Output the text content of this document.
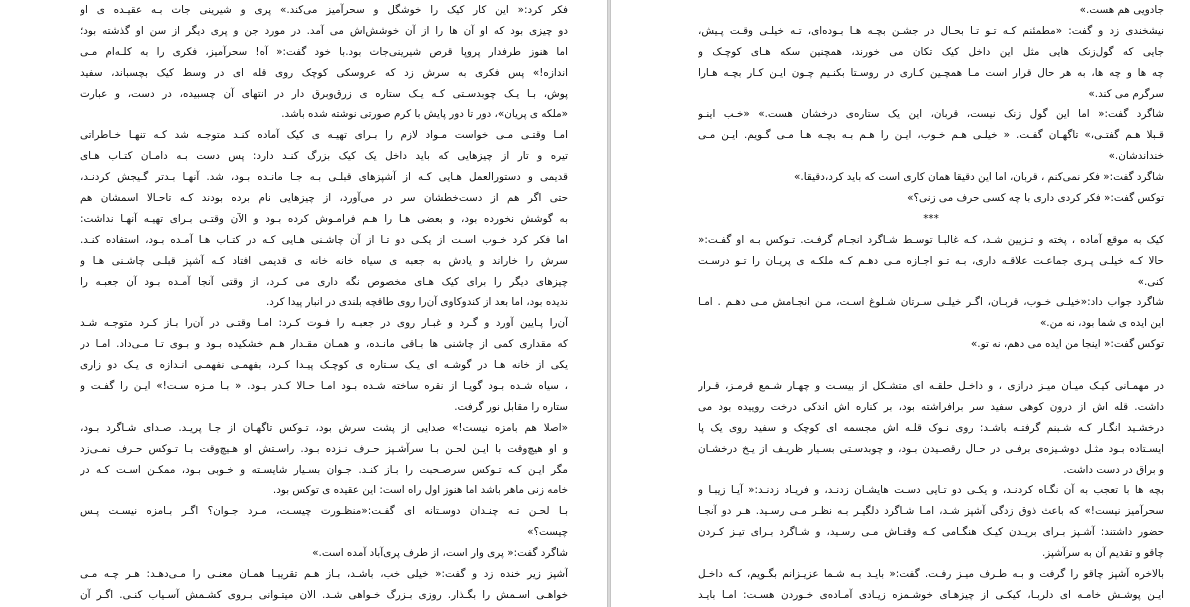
فکر کرد:« این کار کیک را خوشگل و سحرآمیز می‌کند.» پری و شیرینی جات بـه عقیـده ی او
دو چیزی بود که او آن ها را از آن خوشش‌اش می آمد. در مورد جن و پری دیگر از سن او گذشته بود؛
اما هنوز طرفدار پروپا قرص شیرینی‌جات بود.با خود گفت:« آه! سحرآمیز، فکری را به کلـه‌ام مـی
اندازه!» پس فکری به سرش زد که عروسکی کوچک روی قله ای در وسط کیک بچسباند، سفید
پوش، بـا یـک چوبدسـتی کـه یـک ستاره ی زرق‌وبرق دار در انتهای آن چسبیده، در دست، و عبارت
«ملکه ی پریان»، دور تا دور پایش با کرم صورتی نوشته شده باشد.
امـا وقتـی مـی خواست مـواد لازم را بـرای تهیـه ی کیک آماده کنـد متوجـه شد کـه تنهـا خـاطراتی
تیره و تار از چیزهایی که باید داخل یک کیک بزرگ کنـد دارد: پس دست بـه دامـان کتـاب هـای
قدیمی و دستورالعمل هـایی کـه از آشپزهای قبلـی بـه جـا مانـده بـود، شد. آنهـا بـدتر گـیجش کردنـد،
حتی اگر هم از دست‌خطشان سر در می‌آورد، از چیزهایی نام برده بودند کـه تاحـالا اسمشان هم
به گوشش نخورده بود، و بعضی هـا را هـم فرامـوش کرده بـود و الآن وقتـی بـرای تهیـه آنهـا نداشت:
اما فکر کرد خـوب اسـت از یکـی دو تـا از آن چاشـنی هـایی کـه در کتـاب هـا آمـده بـود، استفاده کنـد.
سرش را خاراند و یادش به جعبه ی سیاه خانه خانه ی قدیمی افتاد کـه آشپز قبلـی چاشـنی هـا و
چیزهای دیگر را برای کیک هـای مخصوص نگه داری می کـرد، از وقتی آنجا آمـده بـود آن جعبـه را
ندیده بود، اما بعد از کندوکاوی آن‌را روی طاقچه بلندی در انبار پیدا کرد.
آن‌را پـایین آورد و گـرد و غبـار روی در جعبـه را فـوت کـرد: امـا وقتـی در آن‌را بـاز کـرد متوجـه شـد
که مقداری کمی از چاشنی ها بـاقی مانـده، و همـان مقـدار هـم خشکیده بـود و بـوی تـا مـی‌داد. امـا در
یکی از خانه هـا در گوشـه ای یـک سـتاره ی کوچـک پیـدا کـرد، بفهمـی نفهمـی انـدازه ی یـک دو زاری
، سیاه شـده بـود گویـا از نقره ساخته شـده بـود امـا حـالا کـدر بـود. « بـا مـزه سـت!» ایـن را گفـت و
ستاره را مقابل نور گرفت.
«اصلا هم بامزه نیست!» صدایی از پشت سرش بود، تـوکس تاگهـان از جـا پریـد. صـدای شـاگرد بـود،
و او هیچ‌وقت با ایـن لحـن بـا سرآشـپز حـرف نـزده بـود. راسـتش او هـیچ‌وقت بـا تـوکس حـرف نمـی‌زد
مگر ایـن کـه تـوکس سرصـحبت را بـاز کنـد. جـوان بسـیار شایسـته و خـوبی بـود، ممکـن اسـت کـه در
خامه زنی ماهر باشد اما هنوز اول راه است: این عقیده ی توکس بود.
بـا لحـن تـه چنـدان دوسـتانه ای گفـت:«منظـورت چیسـت، مـرد جـوان؟ اگـر بـامزه نیسـت پـس
چیست؟»
شاگرد گفت:« پری وار است، از طرف پری‌آباد آمده است.»
آشپز زیر خنده زد و گفت:« خیلی خب، باشـد، بـاز هـم تقریبـا همـان معنـی را مـی‌دهـد: هـر چـه مـی
خواهـی اسـمش را بگـذار. روزی بـزرگ خـواهی شـد. الان میتـوانی بـروی کشـمش آسـیاب کنـی. اگـر آن
جادویی هم هست.»
نیشخندی زد و گفت: «مطمئنم کـه تـو تـا بحـال در جشـن بچـه هـا بـوده‌ای، تـه خیلـی وقـت پـیش،
جایی که گول‌زنک هایی مثل این داخل کیک تکان می خورند، همچنین سکه هـای کوچـک و
چه ها و چه ها، به هر حال قرار است مـا همچـین کـاری در روسـتا بکنـیم چـون ایـن کـار بچـه هـارا
سرگرم می کند.»
شاگرد گفت:« اما این گول زنک نیست، قربان، این یک ستاره‌ی درخشان هست.» «خـب اینـو
قـبلا هـم گفتـی،» تاگهـان گفـت. « خیلـی هـم خـوب، ایـن را هـم بـه بچـه هـا مـی گـویم. ایـن مـی
خنداندشان.»
شاگرد گفت:« فکر نمی‌کنم ، قربان، اما این دقیقا همان کاری است که باید کرد،دقیقا.»
توکس گفت:« فکر کردی داری با چه کسی حرف می زنی؟»
***
کیک به موقع آماده ، پخته و تـزیین شـد، کـه غالبـا توسـط شـاگرد انجـام گرفـت. تـوکس بـه او گفـت:«
حالا کـه خیلـی پـری جماعـت علاقـه داری، بـه تـو اجـازه مـی دهـم کـه ملکـه ی پریـان را تـو درسـت
کنی.»
شاگرد جواب داد:«خیلـی خـوب، قربـان، اگـر خیلـی سـرتان شـلوغ اسـت، مـن انجـامش مـی دهـم . امـا
این ایده ی شما بود، نه من.»
توکس گفت:« اینجا من ایده می دهم، نه تو.»
در مهمـانی کیـک میـان میـز درازی ، و داخـل حلقـه ای متشـکل از بیسـت و چهـار شـمع قرمـز، قـرار
داشت. قله اش از درون کوهی سفید سر برافراشته بود، بر کناره اش اندکی درخت روییده بود می
درخشـید انگـار کـه شـبنم گرفتـه باشـد: روی نـوک قلـه اش مجسمه ای کوچک و سفید روی یک پا
ایسـتاده بـود مثـل دوشـیزه‌ی برفـی در حـال رقصـیدن بـود، و چوبدسـتی بسـیار ظریـف از یـخ درخشـان
و براق در دست داشت.
بچه ها با تعجب به آن نگـاه کردنـد، و یکـی دو تـایی دسـت هایشـان زدنـد، و فریـاد زدنـد:« آیـا زیبـا و
سحرآمیز نیست!» که باعث ذوق زدگی آشپز شـد، امـا شـاگرد دلگیـر بـه نظـر مـی رسـید. هـر دو آنجـا
حضور داشتند: آشـپز بـرای بریـدن کیـک هنگـامی کـه وقتـاش مـی رسـید، و شـاگرد بـرای تیـز کـردن
چاقو و تقدیم آن به سرآشپز.
بالاخره آشپز چاقو را گرفت و بـه طـرف میـز رفـت. گفت:« بایـد بـه شـما عزیـزانم بگـویم، کـه داخـل
ایـن پوشـش خامـه ای دلربـا، کیکـی از چیزهـای خوشـمزه زیـادی آمـاده‌ی خـوردن هسـت: امـا بایـد
